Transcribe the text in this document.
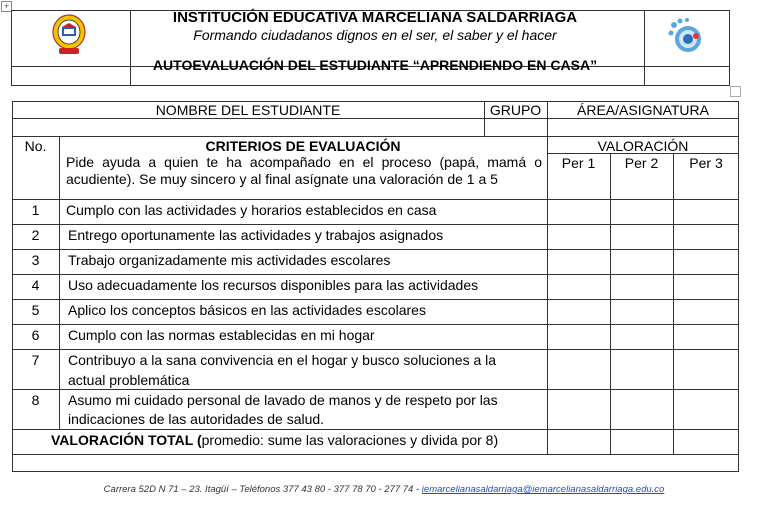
+
INSTITUCIÓN EDUCATIVA MARCELIANA SALDARRIAGA
Formando ciudadanos dignos en el ser, el saber y el hacer
AUTOEVALUACIÓN DEL ESTUDIANTE “APRENDIENDO EN CASA”
NOMBRE DEL ESTUDIANTE	GRUPO	ÁREA/ASIGNATURA
No.	CRITERIOS DE EVALUACIÓN
Pide ayuda a quien te ha acompañado en el proceso (papá, mamá o
acudiente). Se muy sincero y al final asígnate una valoración de 1 a 5
VALORACIÓN
Per 1	Per 2	Per 3
1	Cumplo con las actividades y horarios establecidos en casa
2	Entrego oportunamente las actividades y trabajos asignados
3	Trabajo organizadamente mis actividades escolares
4	Uso adecuadamente los recursos disponibles para las actividades
5	Aplico los conceptos básicos en las actividades escolares
6	Cumplo con las normas establecidas en mi hogar
7	Contribuyo a la sana convivencia en el hogar y busco soluciones a la
actual problemática
8	Asumo mi cuidado personal de lavado de manos y de respeto por las
indicaciones de las autoridades de salud.
VALORACIÓN TOTAL (promedio: sume las valoraciones y divida por 8)
Carrera 52D N 71 – 23. Itagüí – Teléfonos 377 43 80 - 377 78 70 - 277 74 - iemarcelianasaldarriaga@iemarcelianasaldarriaga.edu.co
